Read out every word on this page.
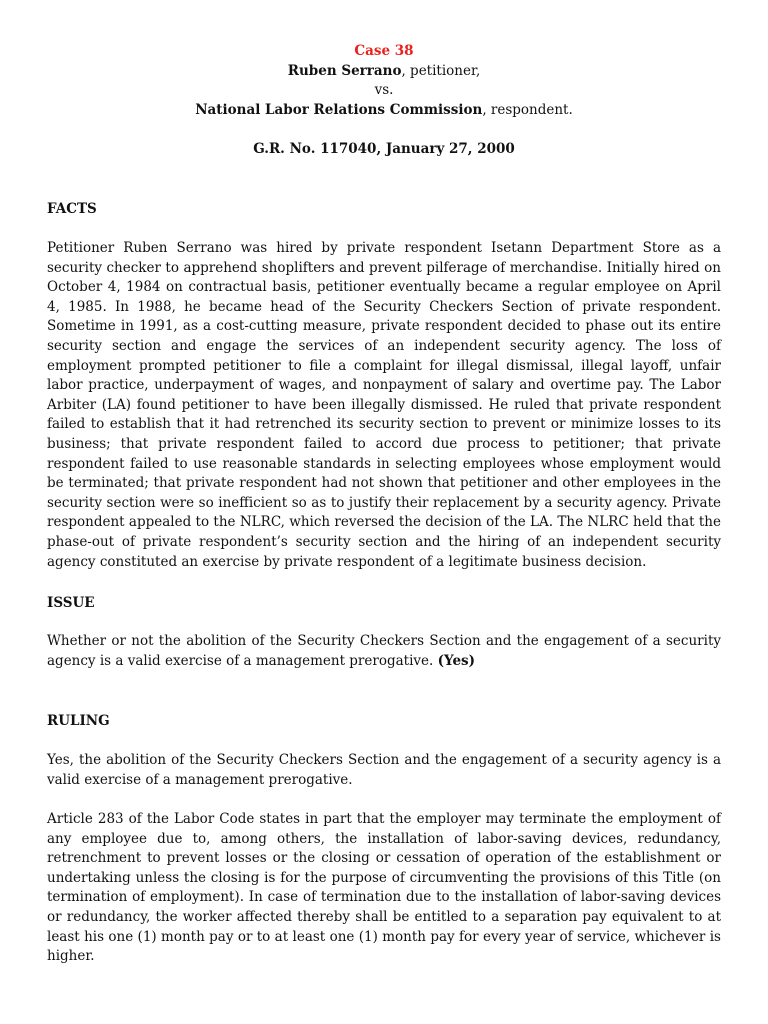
Case 38
Ruben Serrano, petitioner,
vs.
National Labor Relations Commission, respondent.
G.R. No. 117040, January 27, 2000
FACTS
Petitioner Ruben Serrano was hired by private respondent Isetann Department Store as a security checker to apprehend shoplifters and prevent pilferage of merchandise. Initially hired on October 4, 1984 on contractual basis, petitioner eventually became a regular employee on April 4, 1985. In 1988, he became head of the Security Checkers Section of private respondent. Sometime in 1991, as a cost-cutting measure, private respondent decided to phase out its entire security section and engage the services of an independent security agency. The loss of employment prompted petitioner to file a complaint for illegal dismissal, illegal layoff, unfair labor practice, underpayment of wages, and nonpayment of salary and overtime pay. The Labor Arbiter (LA) found petitioner to have been illegally dismissed. He ruled that private respondent failed to establish that it had retrenched its security section to prevent or minimize losses to its business; that private respondent failed to accord due process to petitioner; that private respondent failed to use reasonable standards in selecting employees whose employment would be terminated; that private respondent had not shown that petitioner and other employees in the security section were so inefficient so as to justify their replacement by a security agency. Private respondent appealed to the NLRC, which reversed the decision of the LA. The NLRC held that the phase-out of private respondent’s security section and the hiring of an independent security agency constituted an exercise by private respondent of a legitimate business decision.
ISSUE
Whether or not the abolition of the Security Checkers Section and the engagement of a security agency is a valid exercise of a management prerogative. (Yes)
RULING
Yes, the abolition of the Security Checkers Section and the engagement of a security agency is a valid exercise of a management prerogative.
Article 283 of the Labor Code states in part that the employer may terminate the employment of any employee due to, among others, the installation of labor-saving devices, redundancy, retrenchment to prevent losses or the closing or cessation of operation of the establishment or undertaking unless the closing is for the purpose of circumventing the provisions of this Title (on termination of employment). In case of termination due to the installation of labor-saving devices or redundancy, the worker affected thereby shall be entitled to a separation pay equivalent to at least his one (1) month pay or to at least one (1) month pay for every year of service, whichever is higher.
